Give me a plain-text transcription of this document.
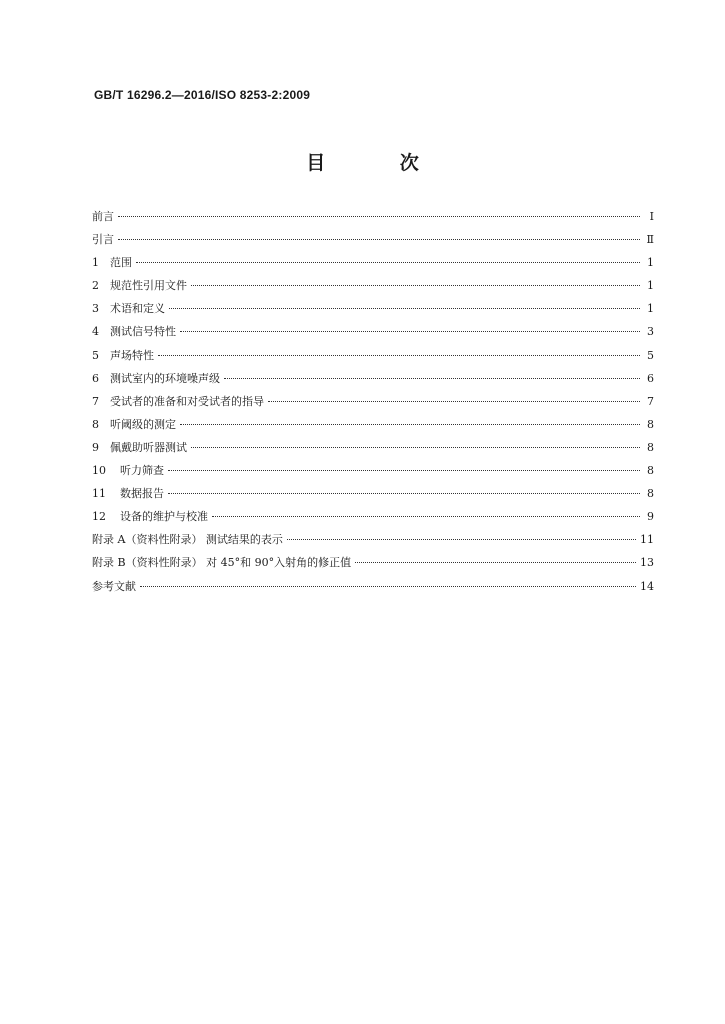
GB/T 16296.2—2016/ISO 8253-2:2009
目 次
前言	Ⅰ
引言	Ⅱ
1	范围	1
2	规范性引用文件	1
3	术语和定义	1
4	测试信号特性	3
5	声场特性	5
6	测试室内的环境噪声级	6
7	受试者的准备和对受试者的指导	7
8	听阈级的测定	8
9	佩戴助听器测试	8
10	听力筛查	8
11	数据报告	8
12	设备的维护与校准	9
附录 A（资料性附录） 测试结果的表示	11
附录 B（资料性附录） 对 45°和 90°入射角的修正值	13
参考文献	14
